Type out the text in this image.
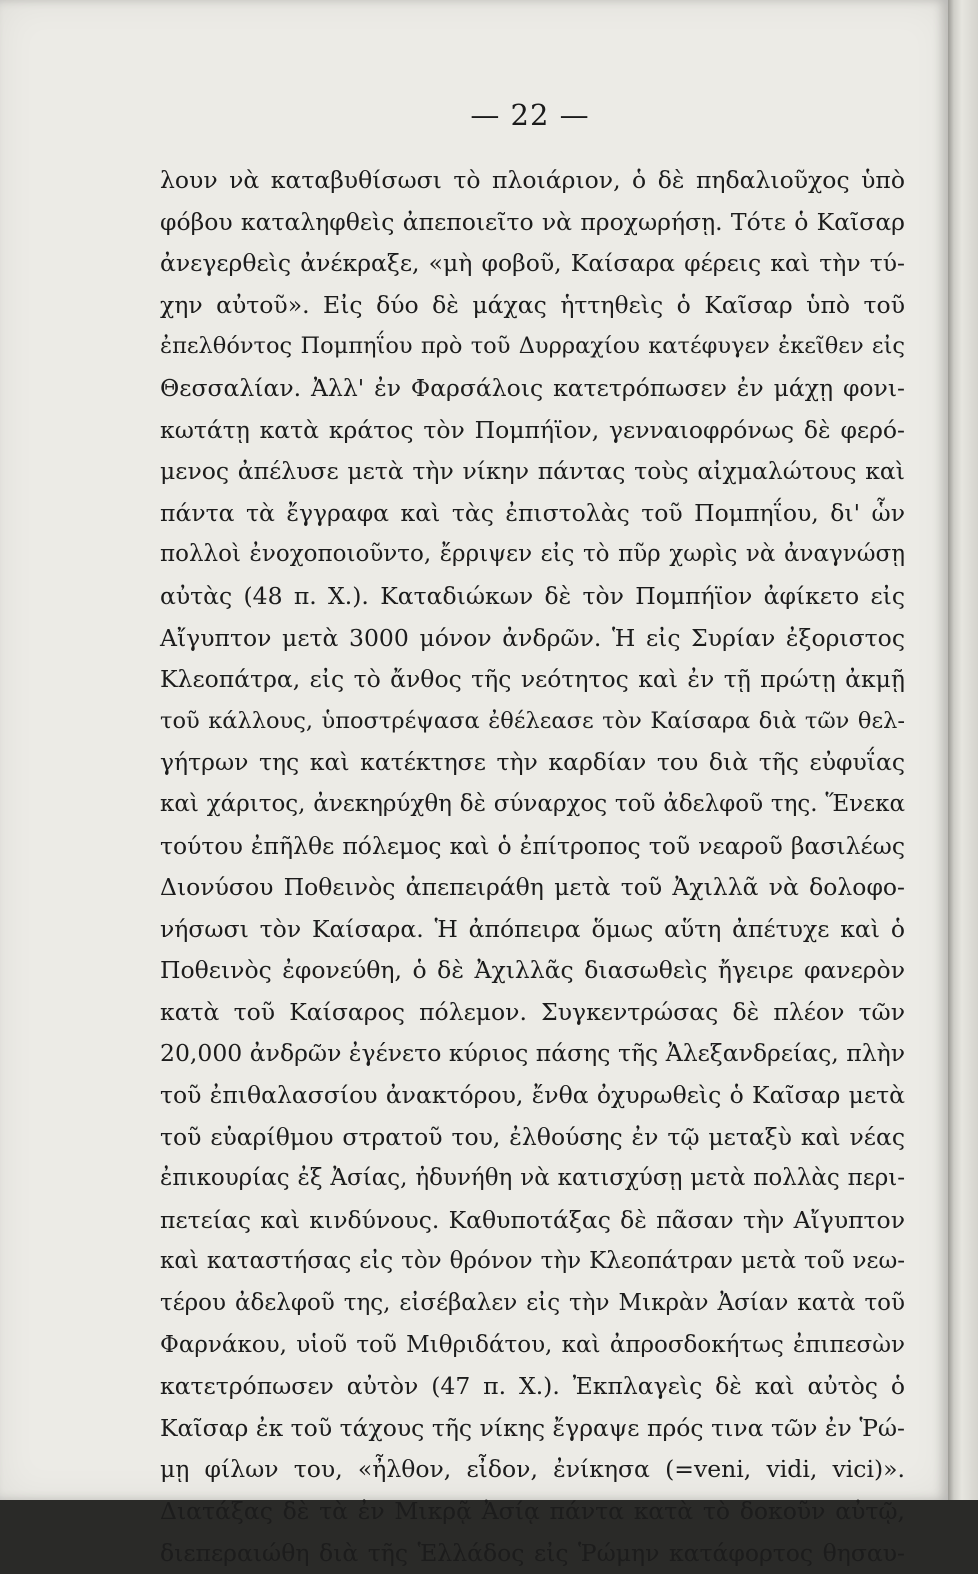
— 22 —
λουν νὰ καταβυθίσωσι τὸ πλοιάριον, ὁ δὲ πηδαλιοῦχος ὑπὸ
φόβου καταληφθεὶς ἀπεποιεῖτο νὰ προχωρήσῃ. Τότε ὁ Καῖσαρ
ἀνεγερθεὶς ἀνέκραξε, «μὴ φοβοῦ, Καίσαρα φέρεις καὶ τὴν τύ-
χην αὐτοῦ». Εἰς δύο δὲ μάχας ἡττηθεὶς ὁ Καῖσαρ ὑπὸ τοῦ
ἐπελθόντος Πομπηΐου πρὸ τοῦ Δυρραχίου κατέφυγεν ἐκεῖθεν εἰς
Θεσσαλίαν. Ἀλλ' ἐν Φαρσάλοις κατετρόπωσεν ἐν μάχῃ φονι-
κωτάτῃ κατὰ κράτος τὸν Πομπήϊον, γενναιοφρόνως δὲ φερό-
μενος ἀπέλυσε μετὰ τὴν νίκην πάντας τοὺς αἰχμαλώτους καὶ
πάντα τὰ ἔγγραφα καὶ τὰς ἐπιστολὰς τοῦ Πομπηΐου, δι' ὧν
πολλοὶ ἐνοχοποιοῦντο, ἔρριψεν εἰς τὸ πῦρ χωρὶς νὰ ἀναγνώσῃ
αὐτὰς (48 π. Χ.). Καταδιώκων δὲ τὸν Πομπήϊον ἀφίκετο εἰς
Αἴγυπτον μετὰ 3000 μόνον ἀνδρῶν. Ἡ εἰς Συρίαν ἐξοριστος
Κλεοπάτρα, εἰς τὸ ἄνθος τῆς νεότητος καὶ ἐν τῇ πρώτῃ ἀκμῇ
τοῦ κάλλους, ὑποστρέψασα ἐθέλεασε τὸν Καίσαρα διὰ τῶν θελ-
γήτρων της καὶ κατέκτησε τὴν καρδίαν του διὰ τῆς εὐφυΐας
καὶ χάριτος, ἀνεκηρύχθη δὲ σύναρχος τοῦ ἀδελφοῦ της. Ἕνεκα
τούτου ἐπῆλθε πόλεμος καὶ ὁ ἐπίτροπος τοῦ νεαροῦ βασιλέως
Διονύσου Ποθεινὸς ἀπεπειράθη μετὰ τοῦ Ἀχιλλᾶ νὰ δολοφο-
νήσωσι τὸν Καίσαρα. Ἡ ἀπόπειρα ὅμως αὕτη ἀπέτυχε καὶ ὁ
Ποθεινὸς ἐφονεύθη, ὁ δὲ Ἀχιλλᾶς διασωθεὶς ἤγειρε φανερὸν
κατὰ τοῦ Καίσαρος πόλεμον. Συγκεντρώσας δὲ πλέον τῶν
20,000 ἀνδρῶν ἐγένετο κύριος πάσης τῆς Ἀλεξανδρείας, πλὴν
τοῦ ἐπιθαλασσίου ἀνακτόρου, ἔνθα ὀχυρωθεὶς ὁ Καῖσαρ μετὰ
τοῦ εὐαρίθμου στρατοῦ του, ἐλθούσης ἐν τῷ μεταξὺ καὶ νέας
ἐπικουρίας ἐξ Ἀσίας, ἠδυνήθη νὰ κατισχύσῃ μετὰ πολλὰς περι-
πετείας καὶ κινδύνους. Καθυποτάξας δὲ πᾶσαν τὴν Αἴγυπτον
καὶ καταστήσας εἰς τὸν θρόνον τὴν Κλεοπάτραν μετὰ τοῦ νεω-
τέρου ἀδελφοῦ της, εἰσέβαλεν εἰς τὴν Μικρὰν Ἀσίαν κατὰ τοῦ
Φαρνάκου, υἱοῦ τοῦ Μιθριδάτου, καὶ ἀπροσδοκήτως ἐπιπεσὼν
κατετρόπωσεν αὐτὸν (47 π. Χ.). Ἐκπλαγεὶς δὲ καὶ αὐτὸς ὁ
Καῖσαρ ἐκ τοῦ τάχους τῆς νίκης ἔγραψε πρός τινα τῶν ἐν Ῥώ-
μῃ φίλων του, «ἦλθον, εἶδον, ἐνίκησα (=veni, vidi, vici)».
Διατάξας δὲ τὰ ἐν Μικρᾷ Ἀσίᾳ πάντα κατὰ τὸ δοκοῦν αὐτῷ,
διεπεραιώθη διὰ τῆς Ἑλλάδος εἰς Ῥώμην κατάφορτος θησαυ-
